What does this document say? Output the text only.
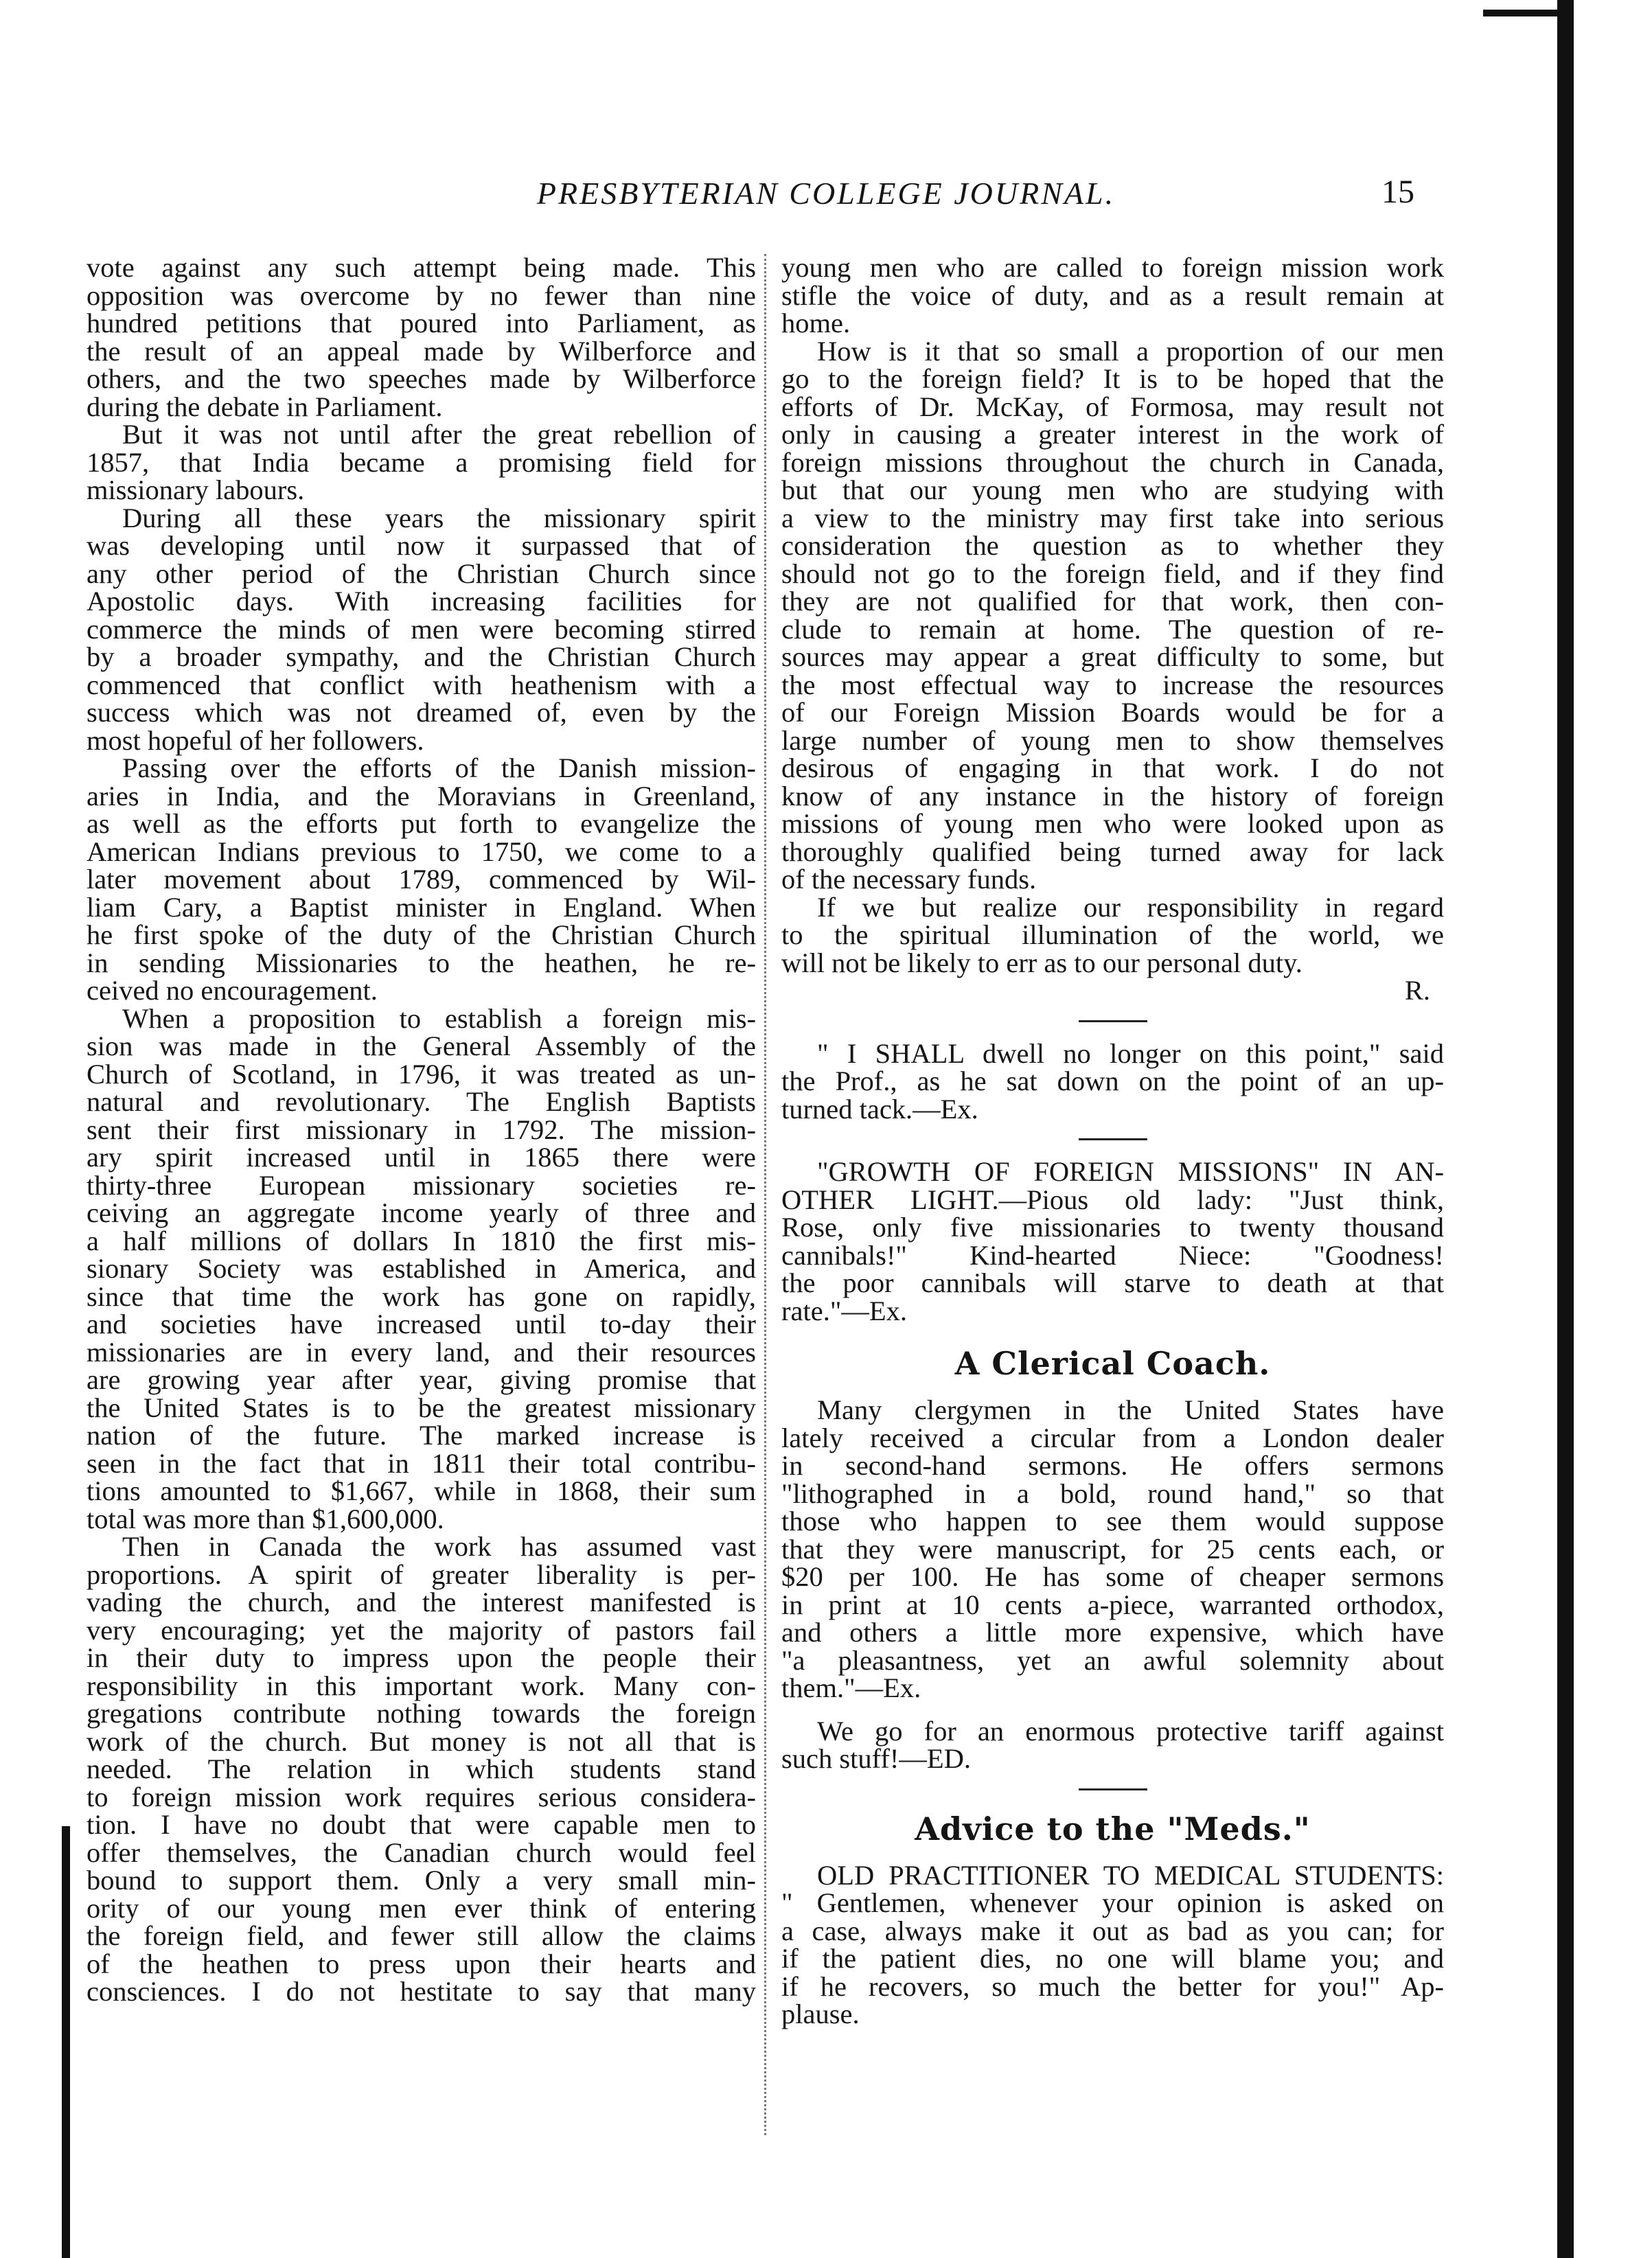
PRESBYTERIAN COLLEGE JOURNAL.	15
vote against any such attempt being made. This
opposition was overcome by no fewer than nine
hundred petitions that poured into Parliament, as
the result of an appeal made by Wilberforce and
others, and the two speeches made by Wilberforce
during the debate in Parliament.
But it was not until after the great rebellion of
1857, that India became a promising field for
missionary labours.
During all these years the missionary spirit
was developing until now it surpassed that of
any other period of the Christian Church since
Apostolic days. With increasing facilities for
commerce the minds of men were becoming stirred
by a broader sympathy, and the Christian Church
commenced that conflict with heathenism with a
success which was not dreamed of, even by the
most hopeful of her followers.
Passing over the efforts of the Danish mission-
aries in India, and the Moravians in Greenland,
as well as the efforts put forth to evangelize the
American Indians previous to 1750, we come to a
later movement about 1789, commenced by Wil-
liam Cary, a Baptist minister in England. When
he first spoke of the duty of the Christian Church
in sending Missionaries to the heathen, he re-
ceived no encouragement.
When a proposition to establish a foreign mis-
sion was made in the General Assembly of the
Church of Scotland, in 1796, it was treated as un-
natural and revolutionary. The English Baptists
sent their first missionary in 1792. The mission-
ary spirit increased until in 1865 there were
thirty-three European missionary societies re-
ceiving an aggregate income yearly of three and
a half millions of dollars In 1810 the first mis-
sionary Society was established in America, and
since that time the work has gone on rapidly,
and societies have increased until to-day their
missionaries are in every land, and their resources
are growing year after year, giving promise that
the United States is to be the greatest missionary
nation of the future. The marked increase is
seen in the fact that in 1811 their total contribu-
tions amounted to $1,667, while in 1868, their sum
total was more than $1,600,000.
Then in Canada the work has assumed vast
proportions. A spirit of greater liberality is per-
vading the church, and the interest manifested is
very encouraging; yet the majority of pastors fail
in their duty to impress upon the people their
responsibility in this important work. Many con-
gregations contribute nothing towards the foreign
work of the church. But money is not all that is
needed. The relation in which students stand
to foreign mission work requires serious considera-
tion. I have no doubt that were capable men to
offer themselves, the Canadian church would feel
bound to support them. Only a very small min-
ority of our young men ever think of entering
the foreign field, and fewer still allow the claims
of the heathen to press upon their hearts and
consciences. I do not hestitate to say that many
young men who are called to foreign mission work
stifle the voice of duty, and as a result remain at
home.
How is it that so small a proportion of our men
go to the foreign field? It is to be hoped that the
efforts of Dr. McKay, of Formosa, may result not
only in causing a greater interest in the work of
foreign missions throughout the church in Canada,
but that our young men who are studying with
a view to the ministry may first take into serious
consideration the question as to whether they
should not go to the foreign field, and if they find
they are not qualified for that work, then con-
clude to remain at home. The question of re-
sources may appear a great difficulty to some, but
the most effectual way to increase the resources
of our Foreign Mission Boards would be for a
large number of young men to show themselves
desirous of engaging in that work. I do not
know of any instance in the history of foreign
missions of young men who were looked upon as
thoroughly qualified being turned away for lack
of the necessary funds.
If we but realize our responsibility in regard
to the spiritual illumination of the world, we
will not be likely to err as to our personal duty.
R.
" I SHALL dwell no longer on this point," said
the Prof., as he sat down on the point of an up-
turned tack.—Ex.
"GROWTH OF FOREIGN MISSIONS" IN AN-
OTHER LIGHT.—Pious old lady: "Just think,
Rose, only five missionaries to twenty thousand
cannibals!" Kind-hearted Niece: "Goodness!
the poor cannibals will starve to death at that
rate."—Ex.
A Clerical Coach.
Many clergymen in the United States have
lately received a circular from a London dealer
in second-hand sermons. He offers sermons
"lithographed in a bold, round hand," so that
those who happen to see them would suppose
that they were manuscript, for 25 cents each, or
$20 per 100. He has some of cheaper sermons
in print at 10 cents a-piece, warranted orthodox,
and others a little more expensive, which have
"a pleasantness, yet an awful solemnity about
them."—Ex.
We go for an enormous protective tariff against
such stuff!—ED.
Advice to the "Meds."
OLD PRACTITIONER TO MEDICAL STUDENTS:
" Gentlemen, whenever your opinion is asked on
a case, always make it out as bad as you can; for
if the patient dies, no one will blame you; and
if he recovers, so much the better for you!" Ap-
plause.
